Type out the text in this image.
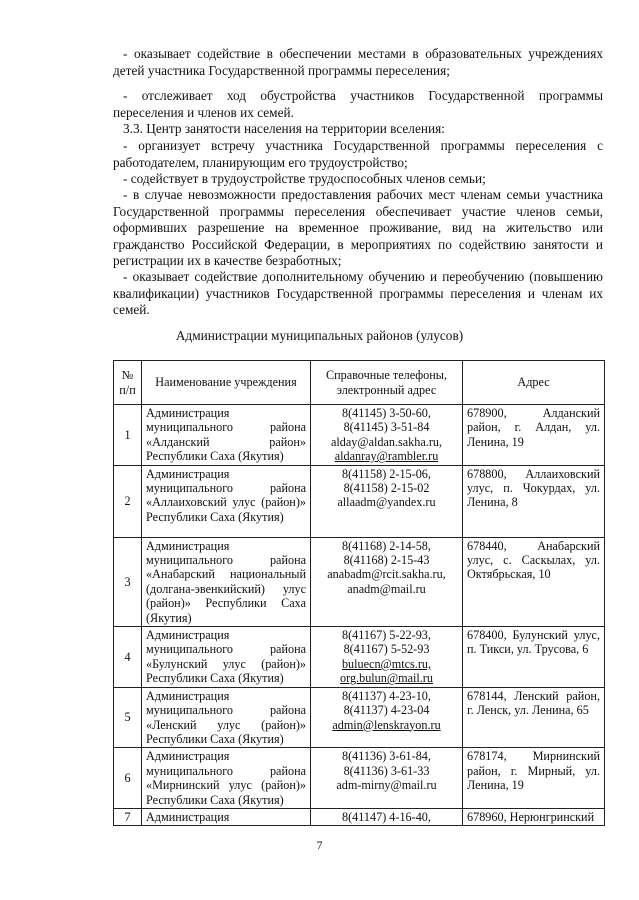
- оказывает содействие в обеспечении местами в образовательных учреждениях детей участника Государственной программы переселения;

- отслеживает ход обустройства участников Государственной программы переселения и членов их семей.

3.3. Центр занятости населения на территории вселения:

- организует встречу участника Государственной программы переселения с работодателем, планирующим его трудоустройство;

- содействует в трудоустройстве трудоспособных членов семьи;

- в случае невозможности предоставления рабочих мест членам семьи участника Государственной программы переселения обеспечивает участие членов семьи, оформивших разрешение на временное проживание, вид на жительство или гражданство Российской Федерации, в мероприятиях по содействию занятости и регистрации их в качестве безработных;

- оказывает содействие дополнительному обучению и переобучению (повышению квалификации) участников Государственной программы переселения и членам их семей.

Администрации муниципальных районов (улусов)
№ п/п	Наименование учреждения	Справочные телефоны, электронный адрес	Адрес
1	Администрация муниципального района «Алданский район» Республики Саха (Якутия)	8(41145) 3-50-60,
8(41145) 3-51-84
alday@aldan.sakha.ru,
aldanray@rambler.ru	678900, Алданский район, г. Алдан, ул. Ленина, 19
2	Администрация муниципального района «Аллаиховский улус (район)» Республики Саха (Якутия)	8(41158) 2-15-06,
8(41158) 2-15-02
allaadm@yandex.ru	678800, Аллаиховский улус, п. Чокурдах, ул. Ленина, 8
3	Администрация муниципального района «Анабарский национальный (долгана-эвенкийский) улус (район)» Республики Саха (Якутия)	8(41168) 2-14-58,
8(41168) 2-15-43
anabadm@rcit.sakha.ru,
anadm@mail.ru	678440, Анабарский улус, с. Саскылах, ул. Октябрьская, 10
4	Администрация муниципального района «Булунский улус (район)» Республики Саха (Якутия)	8(41167) 5-22-93,
8(41167) 5-52-93
buluecn@mtcs.ru,
org.bulun@mail.ru	678400, Булунский улус, п. Тикси, ул. Трусова, 6
5	Администрация муниципального района «Ленский улус (район)» Республики Саха (Якутия)	8(41137) 4-23-10,
8(41137) 4-23-04
admin@lenskrayon.ru	678144, Ленский район, г. Ленск, ул. Ленина, 65
6	Администрация муниципального района «Мирнинский улус (район)» Республики Саха (Якутия)	8(41136) 3-61-84,
8(41136) 3-61-33
adm-mirny@mail.ru	678174, Мирнинский район, г. Мирный, ул. Ленина, 19
7	Администрация	8(41147) 4-16-40,	678960, Нерюнгринский
7
